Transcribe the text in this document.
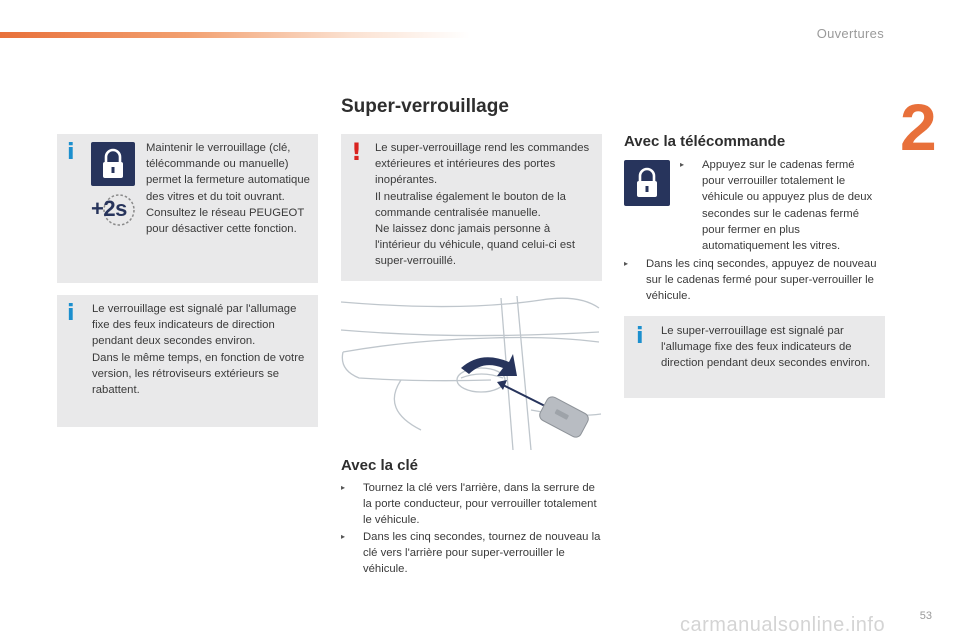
Ouvertures
2
53
carmanualsonline.info
i
+2s

Maintenir le verrouillage (clé, télécommande ou manuelle) permet la fermeture automatique des vitres et du toit ouvrant.
Consultez le réseau PEUGEOT pour désactiver cette fonction.

i Le verrouillage est signalé par l'allumage fixe des feux indicateurs de direction pendant deux secondes environ.
Dans le même temps, en fonction de votre version, les rétroviseurs extérieurs se rabattent.

Super-verrouillage
! Le super-verrouillage rend les commandes extérieures et intérieures des portes inopérantes.
Il neutralise également le bouton de la commande centralisée manuelle.
Ne laissez donc jamais personne à l'intérieur du véhicule, quand celui-ci est super-verrouillé.

Avec la clé
▸	Tournez la clé vers l'arrière, dans la serrure de la porte conducteur, pour verrouiller totalement le véhicule.
▸	Dans les cinq secondes, tournez de nouveau la clé vers l'arrière pour super-verrouiller le véhicule.
Avec la télécommande
▸	Appuyez sur le cadenas fermé pour verrouiller totalement le véhicule ou appuyez plus de deux secondes sur le cadenas fermé pour fermer en plus automatiquement les vitres.
▸	Dans les cinq secondes, appuyez de nouveau sur le cadenas fermé pour super-verrouiller le véhicule.
i Le super-verrouillage est signalé par l'allumage fixe des feux indicateurs de direction pendant deux secondes environ.
